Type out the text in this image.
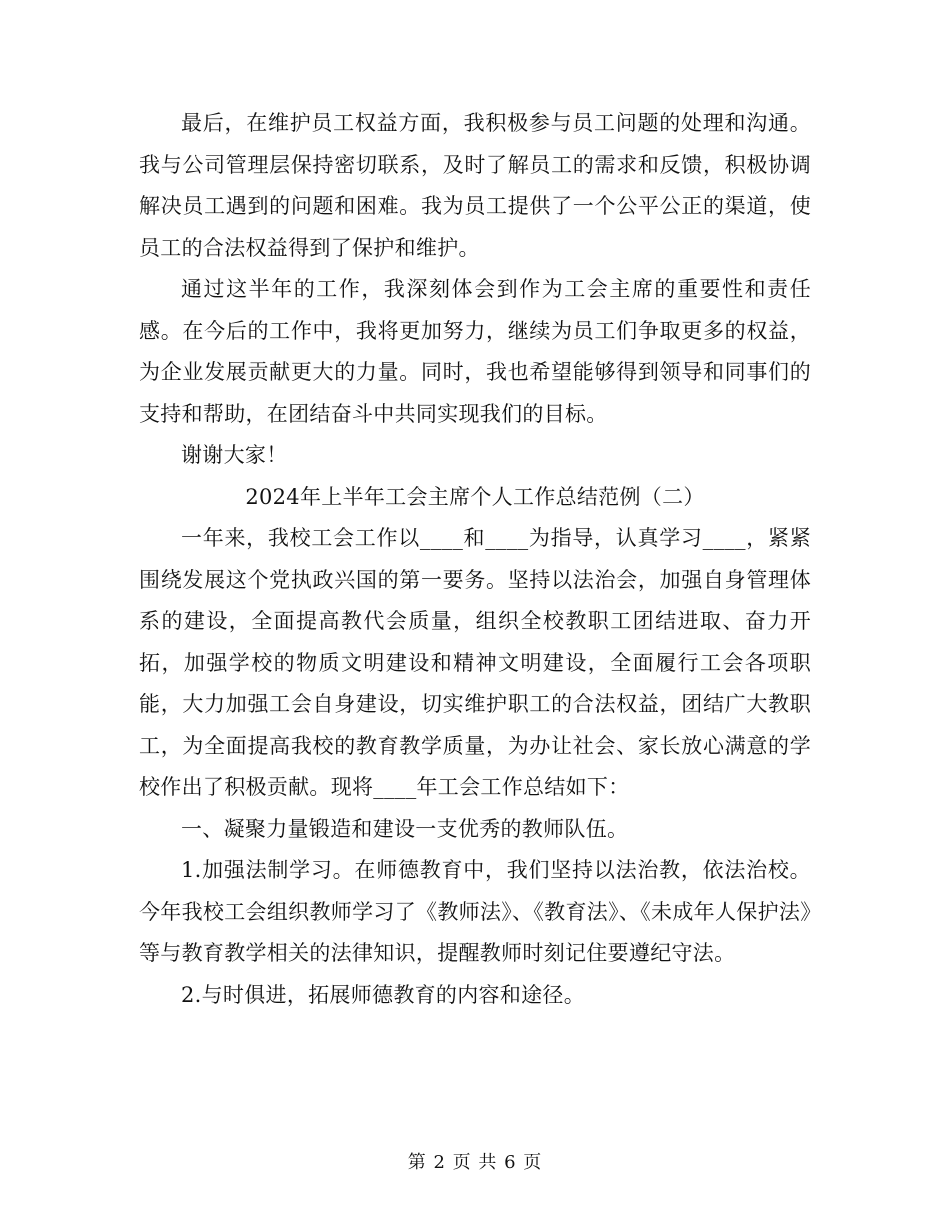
最后，在维护员工权益方面，我积极参与员工问题的处理和沟通。我与公司管理层保持密切联系，及时了解员工的需求和反馈，积极协调解决员工遇到的问题和困难。我为员工提供了一个公平公正的渠道，使员工的合法权益得到了保护和维护。

通过这半年的工作，我深刻体会到作为工会主席的重要性和责任感。在今后的工作中，我将更加努力，继续为员工们争取更多的权益，为企业发展贡献更大的力量。同时，我也希望能够得到领导和同事们的支持和帮助，在团结奋斗中共同实现我们的目标。

谢谢大家！

2024年上半年工会主席个人工作总结范例（二）

一年来，我校工会工作以____和____为指导，认真学习____，紧紧围绕发展这个党执政兴国的第一要务。坚持以法治会，加强自身管理体系的建设，全面提高教代会质量，组织全校教职工团结进取、奋力开拓，加强学校的物质文明建设和精神文明建设，全面履行工会各项职能，大力加强工会自身建设，切实维护职工的合法权益，团结广大教职工，为全面提高我校的教育教学质量，为办让社会、家长放心满意的学校作出了积极贡献。现将____年工会工作总结如下：

一、凝聚力量锻造和建设一支优秀的教师队伍。

1.加强法制学习。在师德教育中，我们坚持以法治教，依法治校。今年我校工会组织教师学习了《教师法》、《教育法》、《未成年人保护法》等与教育教学相关的法律知识，提醒教师时刻记住要遵纪守法。

2.与时俱进，拓展师德教育的内容和途径。

第 2 页 共 6 页
